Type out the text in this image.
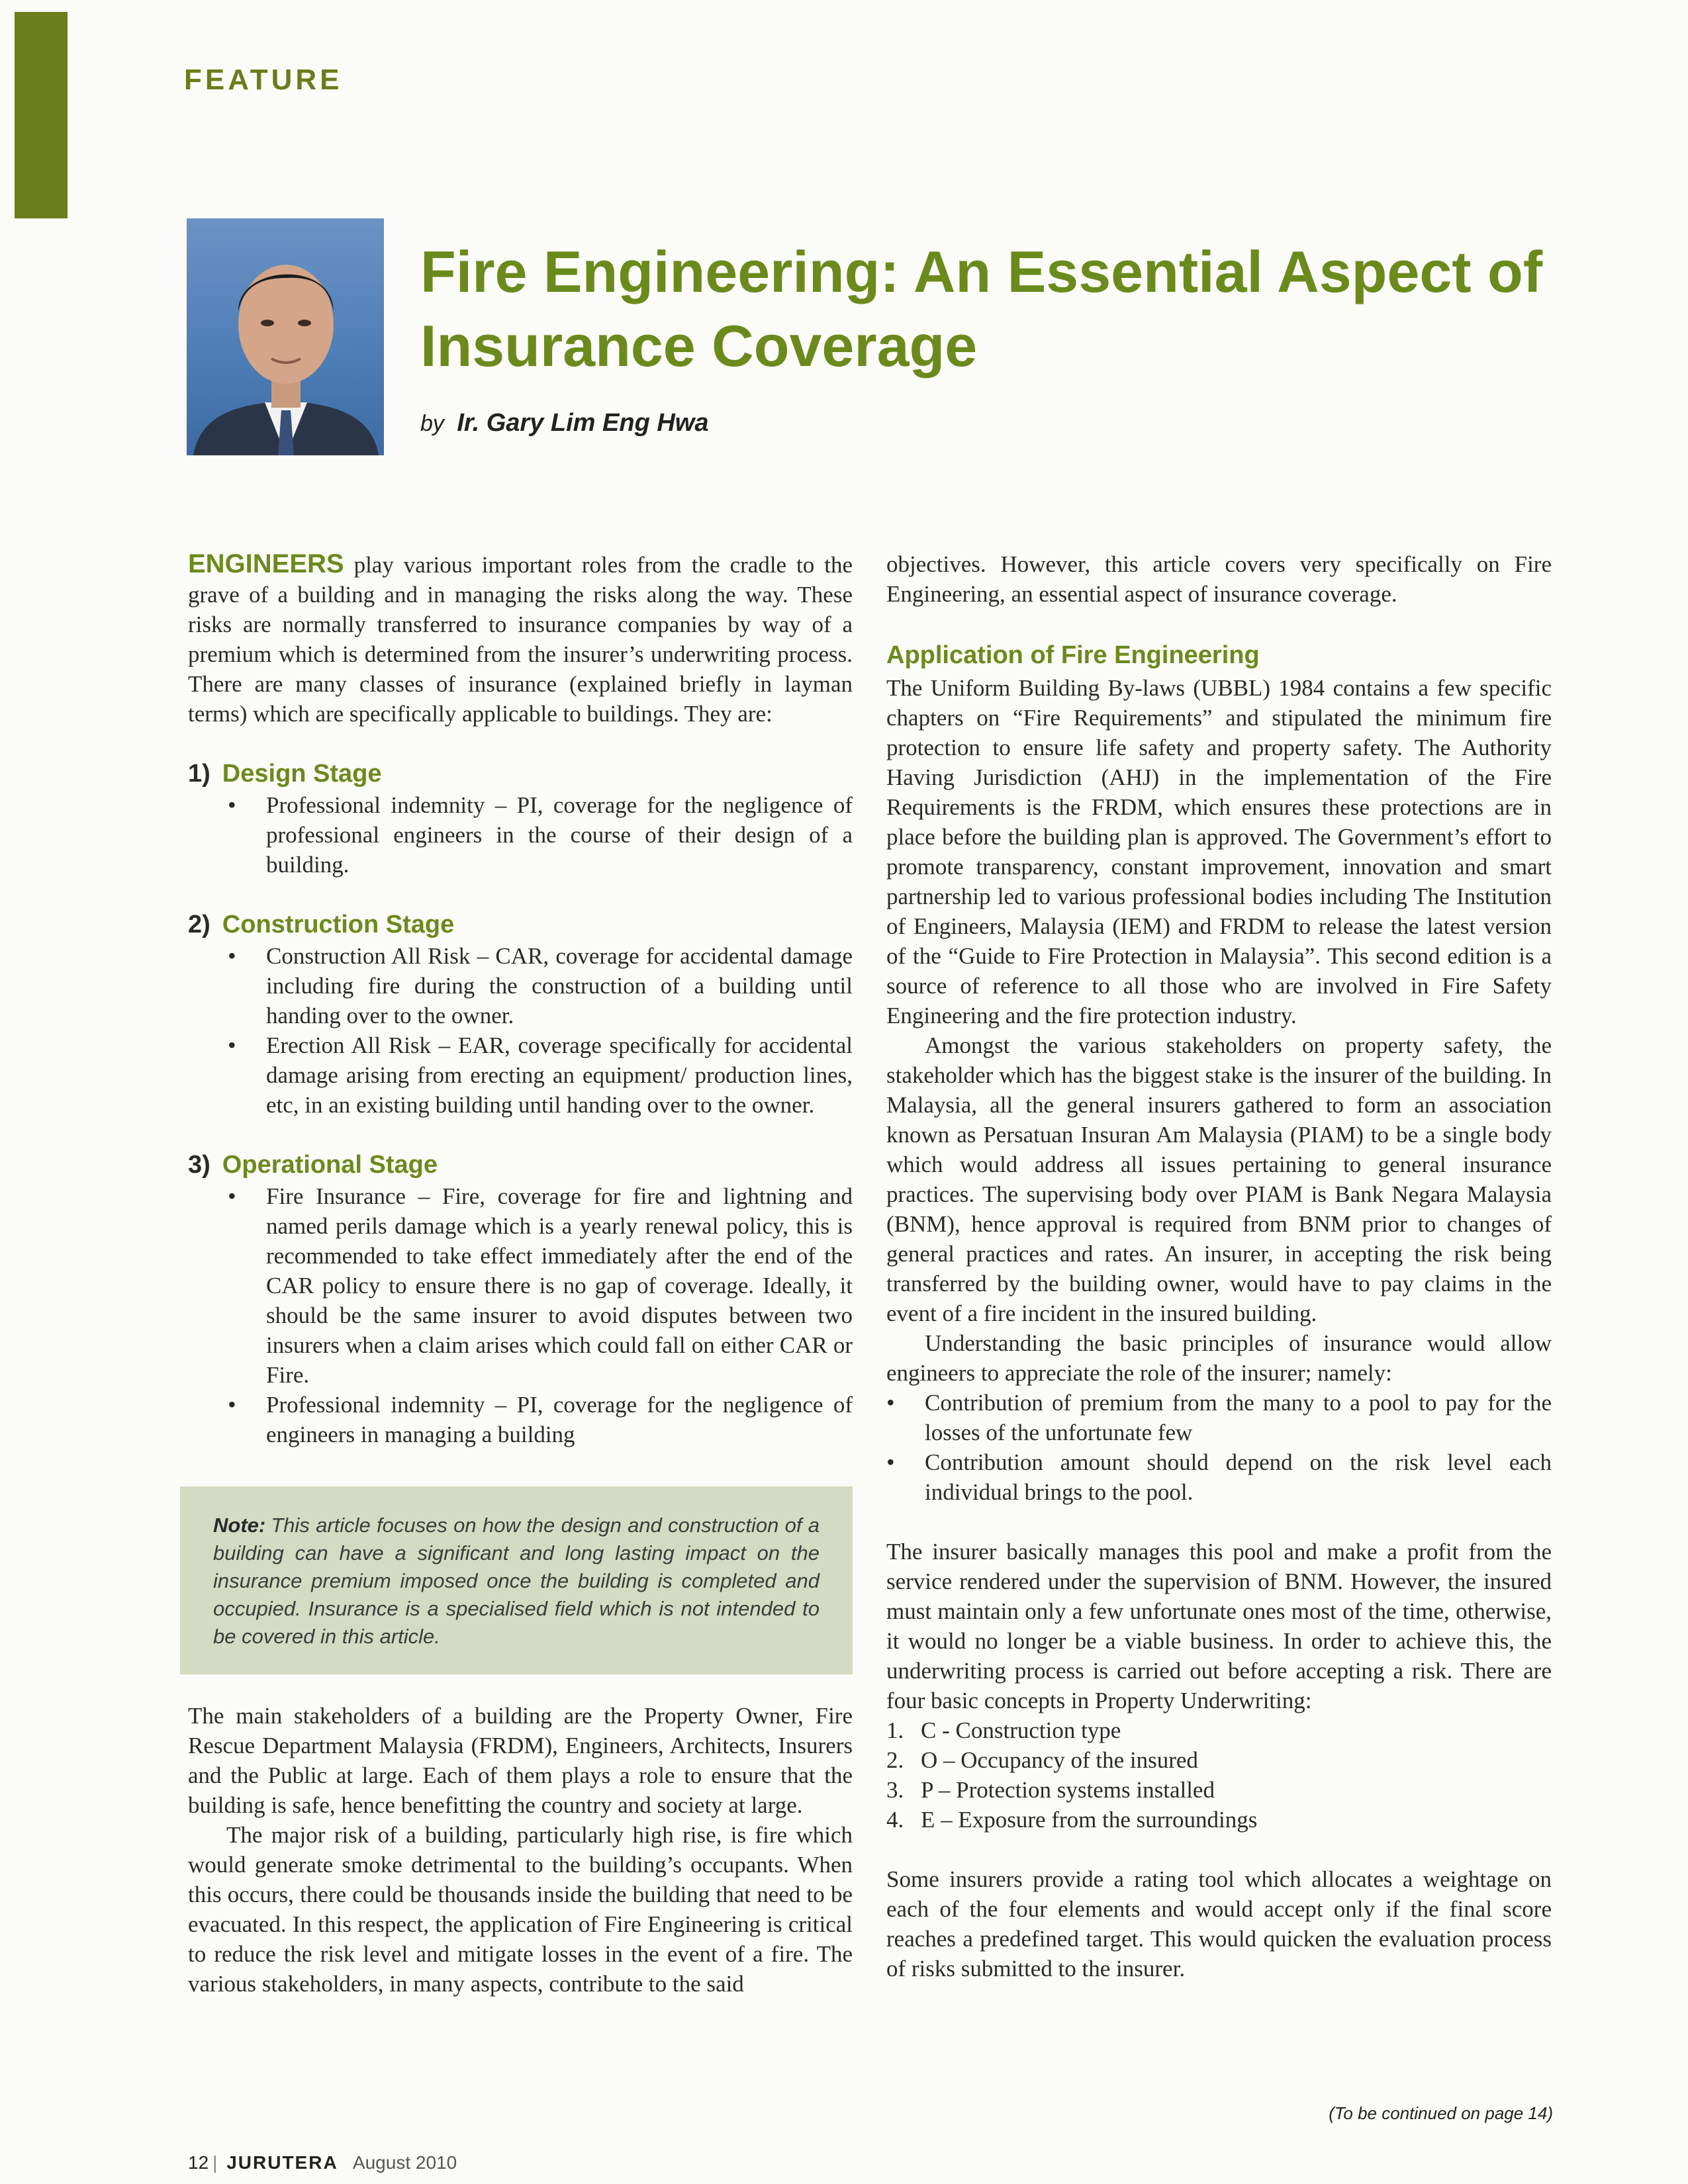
FEATURE
Fire Engineering: An Essential Aspect of Insurance Coverage
by Ir. Gary Lim Eng Hwa

ENGINEERS play various important roles from the cradle to the grave of a building and in managing the risks along the way. These risks are normally transferred to insurance companies by way of a premium which is determined from the insurer’s underwriting process. There are many classes of insurance (explained briefly in layman terms) which are specifically applicable to buildings. They are:

1) Design Stage
• Professional indemnity – PI, coverage for the negligence of professional engineers in the course of their design of a building.
2) Construction Stage
• Construction All Risk – CAR, coverage for accidental damage including fire during the construction of a building until handing over to the owner.
• Erection All Risk – EAR, coverage specifically for accidental damage arising from erecting an equipment/ production lines, etc, in an existing building until handing over to the owner.
3) Operational Stage
• Fire Insurance – Fire, coverage for fire and lightning and named perils damage which is a yearly renewal policy, this is recommended to take effect immediately after the end of the CAR policy to ensure there is no gap of coverage. Ideally, it should be the same insurer to avoid disputes between two insurers when a claim arises which could fall on either CAR or Fire.
• Professional indemnity – PI, coverage for the negligence of engineers in managing a building
Note: This article focuses on how the design and construction of a building can have a significant and long lasting impact on the insurance premium imposed once the building is completed and occupied. Insurance is a specialised field which is not intended to be covered in this article.

The main stakeholders of a building are the Property Owner, Fire Rescue Department Malaysia (FRDM), Engineers, Architects, Insurers and the Public at large. Each of them plays a role to ensure that the building is safe, hence benefitting the country and society at large.

The major risk of a building, particularly high rise, is fire which would generate smoke detrimental to the building’s occupants. When this occurs, there could be thousands inside the building that need to be evacuated. In this respect, the application of Fire Engineering is critical to reduce the risk level and mitigate losses in the event of a fire. The various stakeholders, in many aspects, contribute to the said

objectives. However, this article covers very specifically on Fire Engineering, an essential aspect of insurance coverage.

Application of Fire Engineering

The Uniform Building By-laws (UBBL) 1984 contains a few specific chapters on “Fire Requirements” and stipulated the minimum fire protection to ensure life safety and property safety. The Authority Having Jurisdiction (AHJ) in the implementation of the Fire Requirements is the FRDM, which ensures these protections are in place before the building plan is approved. The Government’s effort to promote transparency, constant improvement, innovation and smart partnership led to various professional bodies including The Institution of Engineers, Malaysia (IEM) and FRDM to release the latest version of the “Guide to Fire Protection in Malaysia”. This second edition is a source of reference to all those who are involved in Fire Safety Engineering and the fire protection industry.

Amongst the various stakeholders on property safety, the stakeholder which has the biggest stake is the insurer of the building. In Malaysia, all the general insurers gathered to form an association known as Persatuan Insuran Am Malaysia (PIAM) to be a single body which would address all issues pertaining to general insurance practices. The supervising body over PIAM is Bank Negara Malaysia (BNM), hence approval is required from BNM prior to changes of general practices and rates. An insurer, in accepting the risk being transferred by the building owner, would have to pay claims in the event of a fire incident in the insured building.

Understanding the basic principles of insurance would allow engineers to appreciate the role of the insurer; namely:

• Contribution of premium from the many to a pool to pay for the losses of the unfortunate few
• Contribution amount should depend on the risk level each individual brings to the pool.

The insurer basically manages this pool and make a profit from the service rendered under the supervision of BNM. However, the insured must maintain only a few unfortunate ones most of the time, otherwise, it would no longer be a viable business. In order to achieve this, the underwriting process is carried out before accepting a risk. There are four basic concepts in Property Underwriting:

1. C - Construction type
2. O – Occupancy of the insured
3. P – Protection systems installed
4. E – Exposure from the surroundings

Some insurers provide a rating tool which allocates a weightage on each of the four elements and would accept only if the final score reaches a predefined target. This would quicken the evaluation process of risks submitted to the insurer.

(To be continued on page 14)
12 | JURUTERA August 2010
